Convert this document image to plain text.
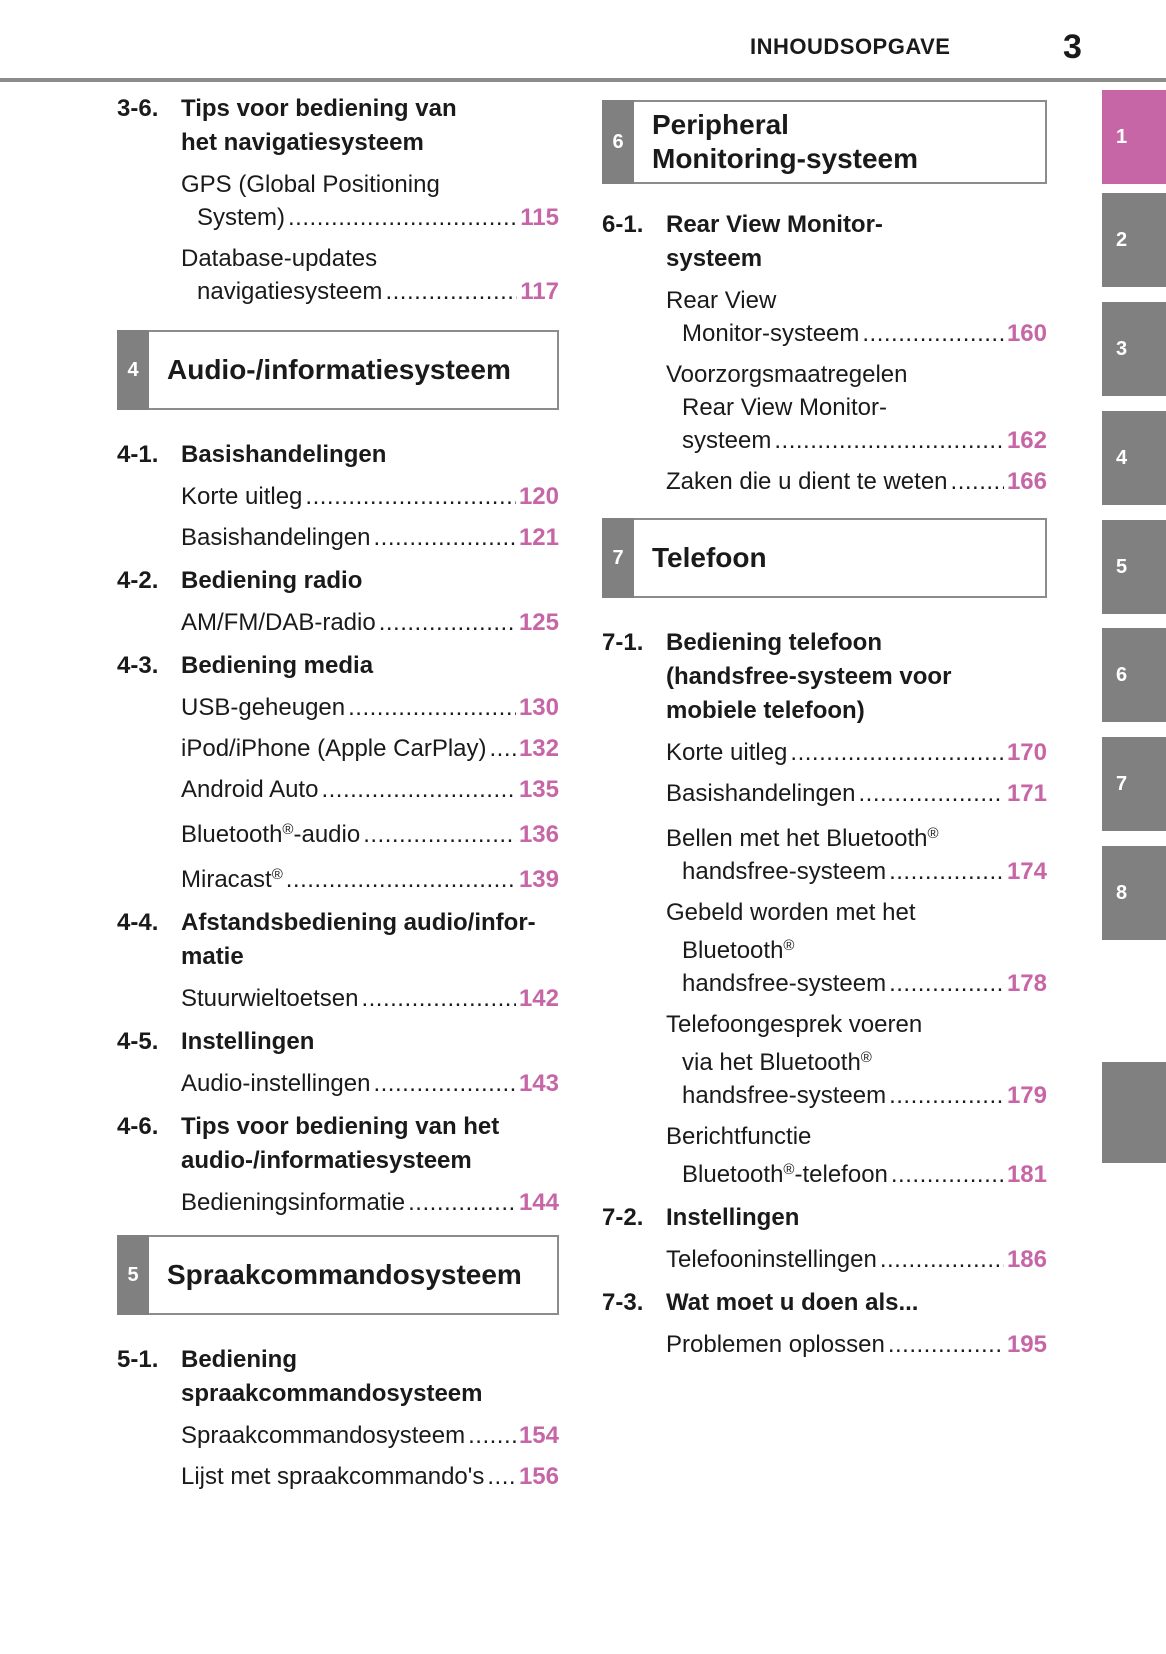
INHOUDSOPGAVE	3
1
2
3
4
5
6
7
8
3-6. Tips voor bediening van
het navigatiesysteem
GPS (Global Positioning
System) .....	115
Database-updates
navigatiesysteem .....	117
4	Audio-/informatiesysteem
4-1. Basishandelingen
Korte uitleg .....	120
Basishandelingen .....	121
4-2. Bediening radio
AM/FM/DAB-radio .....	125
4-3. Bediening media
USB-geheugen .....	130
iPod/iPhone (Apple CarPlay) ..... 132
Android Auto .....	135
Bluetooth®-audio .....	136
Miracast® .....	139
4-4. Afstandsbediening audio/infor-
matie
Stuurwieltoetsen .....	142
4-5. Instellingen
Audio-instellingen .....	143
4-6. Tips voor bediening van het
audio-/informatiesysteem
Bedieningsinformatie .....	144
5	Spraakcommandosysteem
5-1. Bediening
spraakcommandosysteem
Spraakcommandosysteem ..... 154
Lijst met spraakcommando's ..... 156
6
Peripheral
Monitoring-systeem
6-1. Rear View Monitor-
systeem
Rear View
Monitor-systeem .....	160
Voorzorgsmaatregelen
Rear View Monitor-
systeem .....	162
Zaken die u dient te weten ..... 166
7	Telefoon
7-1. Bediening telefoon
(handsfree-systeem voor
mobiele telefoon)
Korte uitleg .....	170
Basishandelingen .....	171
Bellen met het Bluetooth®
handsfree-systeem .....	174
Gebeld worden met het
Bluetooth®
handsfree-systeem .....	178
Telefoongesprek voeren
via het Bluetooth®
handsfree-systeem .....	179
Berichtfunctie
Bluetooth®-telefoon .....	181
7-2. Instellingen
Telefooninstellingen .....	186
7-3. Wat moet u doen als...
Problemen oplossen .....	195
